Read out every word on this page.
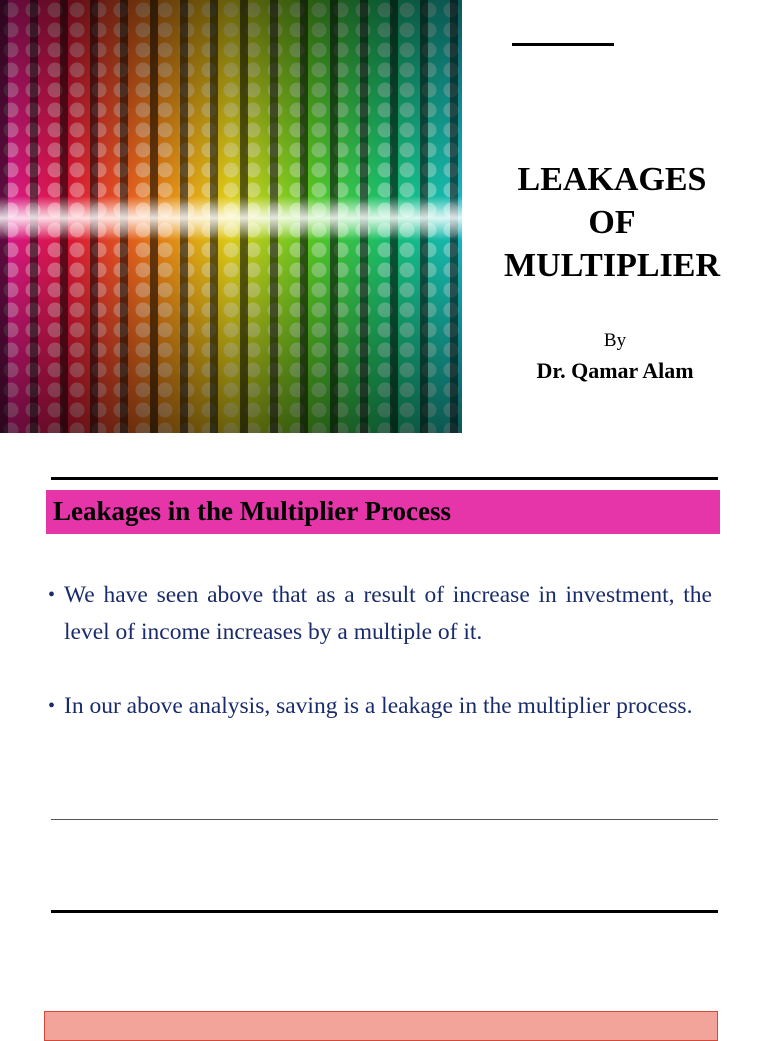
LEAKAGES
OF
MULTIPLIER
By
Dr. Qamar Alam
Leakages in the Multiplier Process
• We have seen above that as a result of increase in investment, the level of income increases by a multiple of it.
• In our above analysis, saving is a leakage in the multiplier process.
